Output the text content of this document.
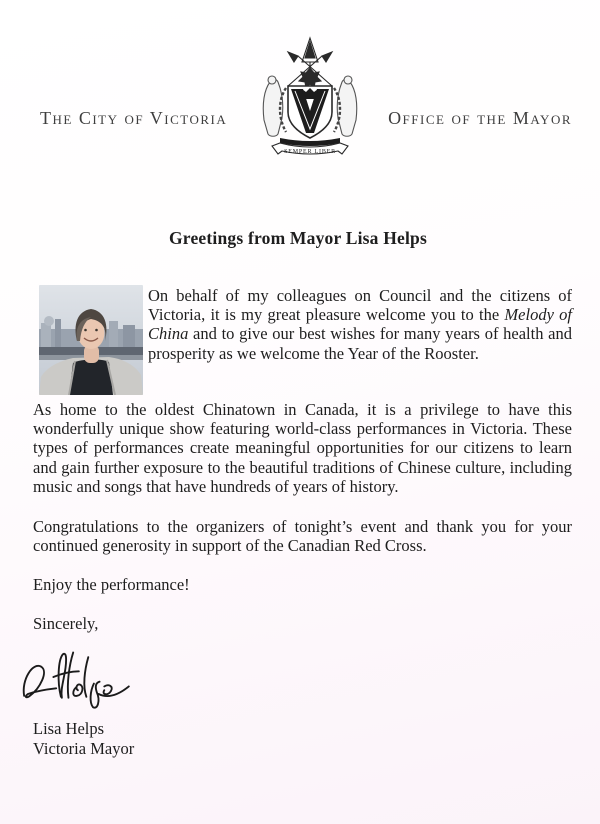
The City of Victoria	Office of the Mayor
SEMPER LIBER
Greetings from Mayor Lisa Helps
On behalf of my colleagues on Council and the citizens of Victoria, it is my great pleasure welcome you to the Melody of China and to give our best wishes for many years of health and prosperity as we welcome the Year of the Rooster.
As home to the oldest Chinatown in Canada, it is a privilege to have this wonderfully unique show featuring world-class performances in Victoria. These types of performances create meaningful opportunities for our citizens to learn and gain further exposure to the beautiful traditions of Chinese culture, including music and songs that have hundreds of years of history.
Congratulations to the organizers of tonight’s event and thank you for your continued generosity in support of the Canadian Red Cross.
Enjoy the performance!
Sincerely,
Lisa Helps
Victoria Mayor
